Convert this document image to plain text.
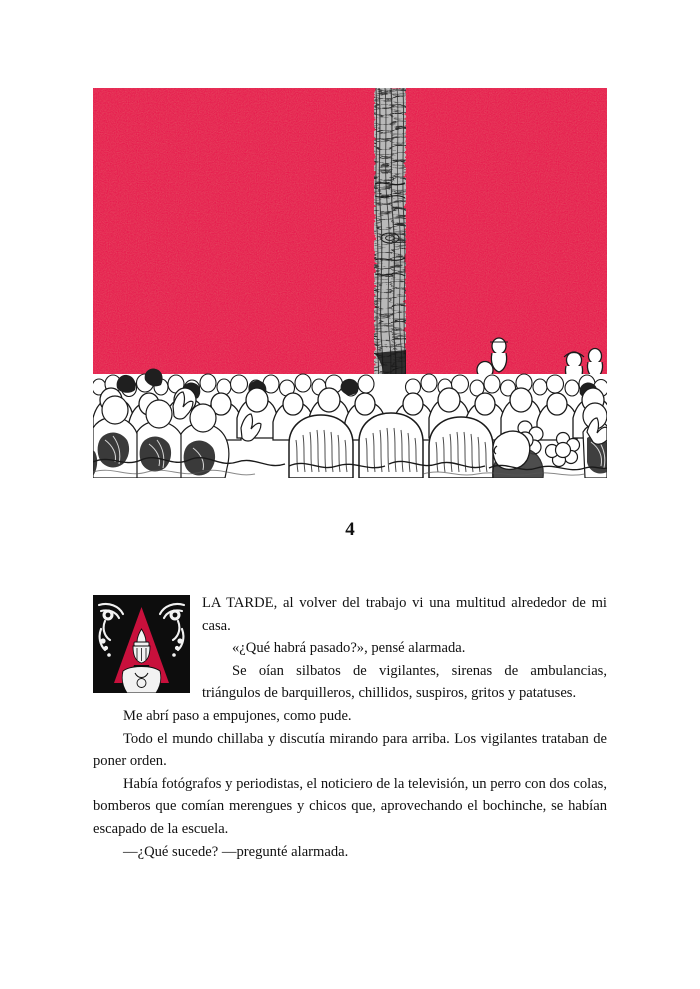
4

LA TARDE, al volver del trabajo vi una multitud alrededor de mi casa.

«¿Qué habrá pasado?», pensé alarmada.

Se oían silbatos de vigilantes, sirenas de ambulancias, triángulos de barquilleros, chillidos, suspiros, gritos y patatuses.

Me abrí paso a empujones, como pude.

Todo el mundo chillaba y discutía mirando para arriba. Los vigilantes trataban de poner orden.

Había fotógrafos y periodistas, el noticiero de la televisión, un perro con dos colas, bomberos que comían merengues y chicos que, aprovechando el bochinche, se habían escapado de la escuela.

—¿Qué sucede? —pregunté alarmada.
